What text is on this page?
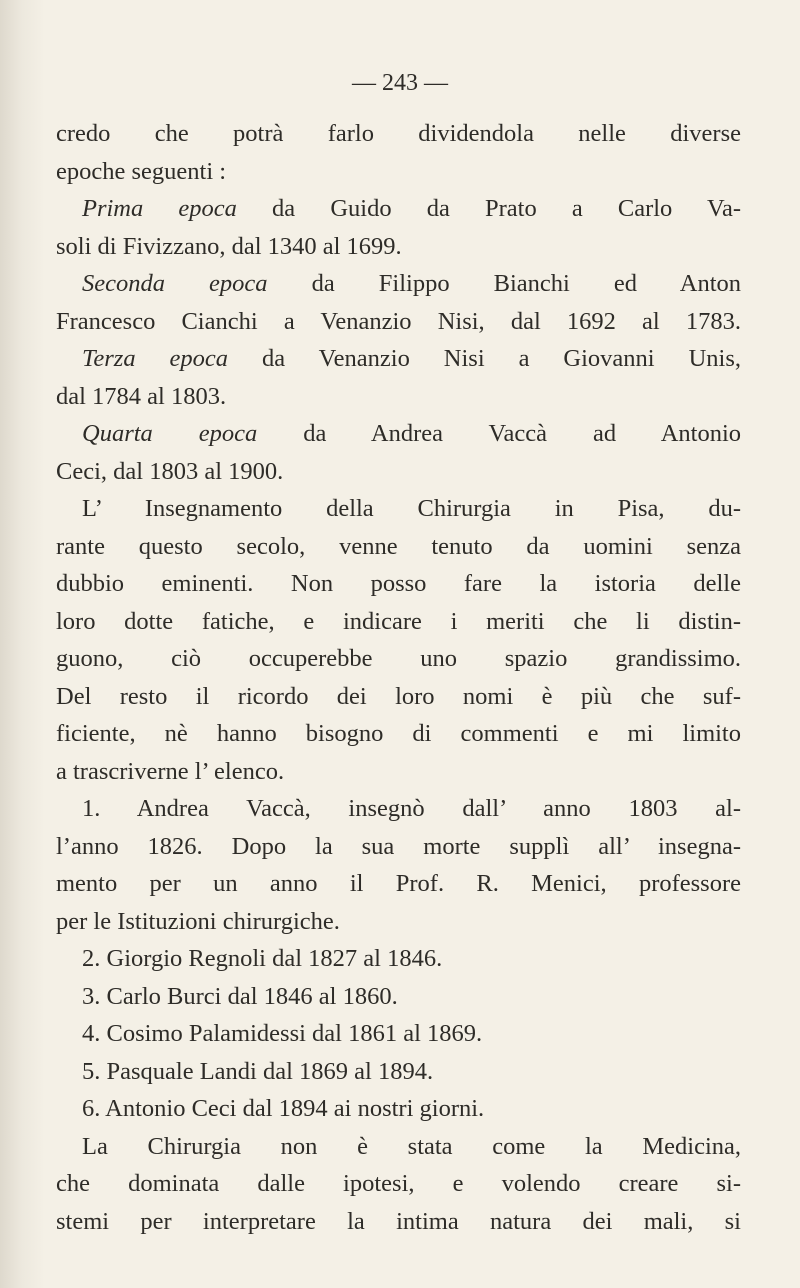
— 243 —
credo che potrà farlo dividendola nelle diverse
epoche seguenti :
Prima epoca da Guido da Prato a Carlo Va-
soli di Fivizzano, dal 1340 al 1699.
Seconda epoca da Filippo Bianchi ed Anton
Francesco Cianchi a Venanzio Nisi, dal 1692 al 1783.
Terza epoca da Venanzio Nisi a Giovanni Unis,
dal 1784 al 1803.
Quarta epoca da Andrea Vaccà ad Antonio
Ceci, dal 1803 al 1900.
L’ Insegnamento della Chirurgia in Pisa, du-
rante questo secolo, venne tenuto da uomini senza
dubbio eminenti. Non posso fare la istoria delle
loro dotte fatiche, e indicare i meriti che li distin-
guono, ciò occuperebbe uno spazio grandissimo.
Del resto il ricordo dei loro nomi è più che suf-
ficiente, nè hanno bisogno di commenti e mi limito
a trascriverne l’ elenco.
1. Andrea Vaccà, insegnò dall’ anno 1803 al-
l’anno 1826. Dopo la sua morte supplì all’ insegna-
mento per un anno il Prof. R. Menici, professore
per le Istituzioni chirurgiche.
2. Giorgio Regnoli dal 1827 al 1846.
3. Carlo Burci dal 1846 al 1860.
4. Cosimo Palamidessi dal 1861 al 1869.
5. Pasquale Landi dal 1869 al 1894.
6. Antonio Ceci dal 1894 ai nostri giorni.
La Chirurgia non è stata come la Medicina,
che dominata dalle ipotesi, e volendo creare si-
stemi per interpretare la intima natura dei mali, si
